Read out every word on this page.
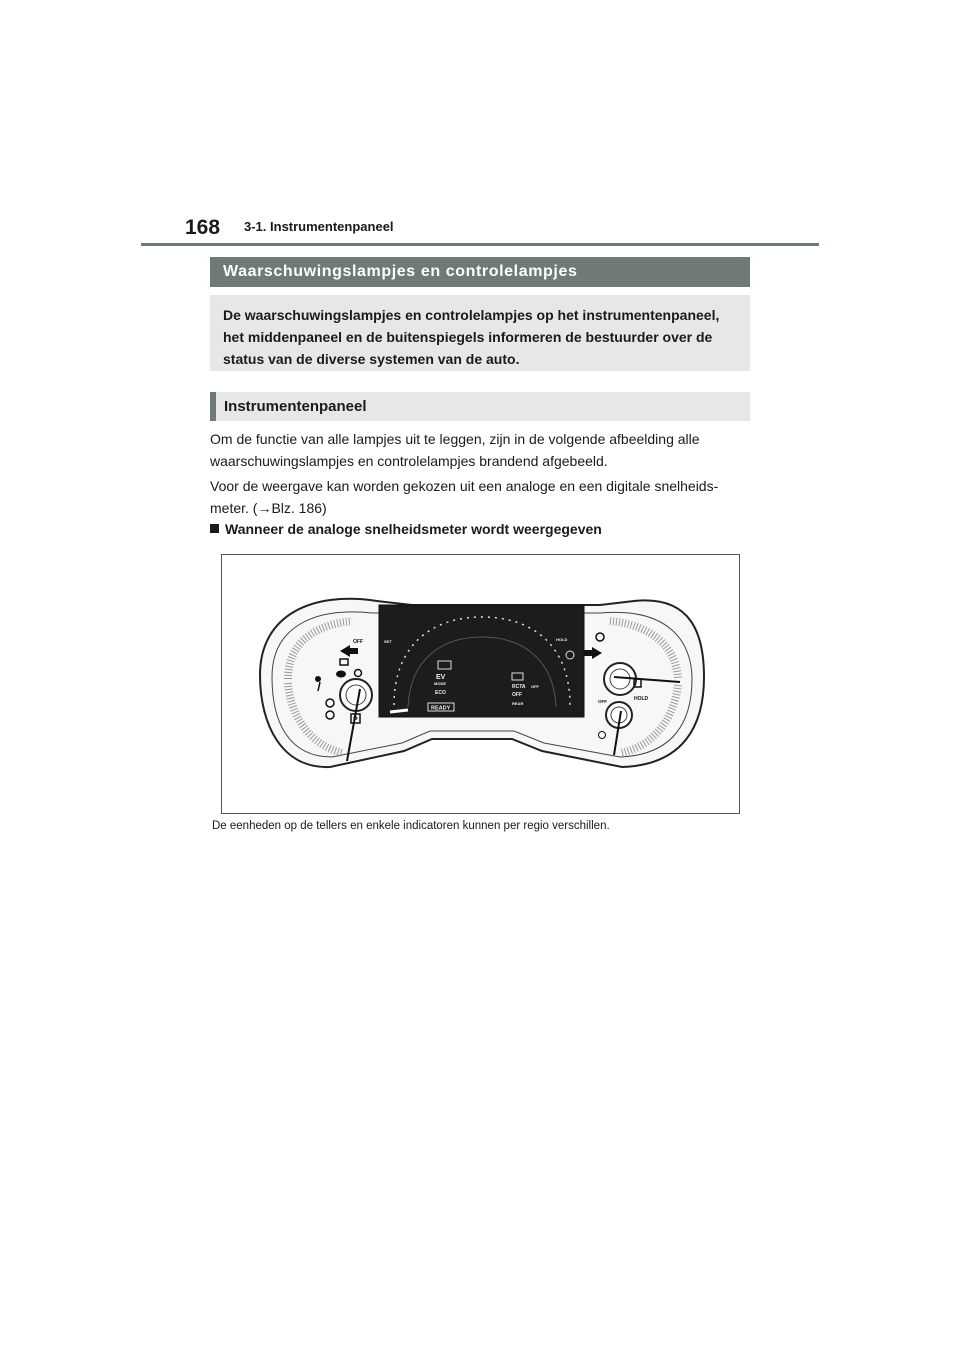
168 3-1. Instrumentenpaneel
Waarschuwingslampjes en controlelampjes
De waarschuwingslampjes en controlelampjes op het instrumentenpaneel,
het middenpaneel en de buitenspiegels informeren de bestuurder over de
status van de diverse systemen van de auto.
Instrumentenpaneel
Om de functie van alle lampjes uit te leggen, zijn in de volgende afbeelding alle
waarschuwingslampjes en controlelampjes brandend afgebeeld.
Voor de weergave kan worden gekozen uit een analoge en een digitale snelheids-
meter. (→Blz. 186)
Wanneer de analoge snelheidsmeter wordt weergegeven
EV
MODE
ECO
RCTA OFF
OFF
REAR
READY
SET	HOLD
OFF
P
HOLD
OFF
De eenheden op de tellers en enkele indicatoren kunnen per regio verschillen.
